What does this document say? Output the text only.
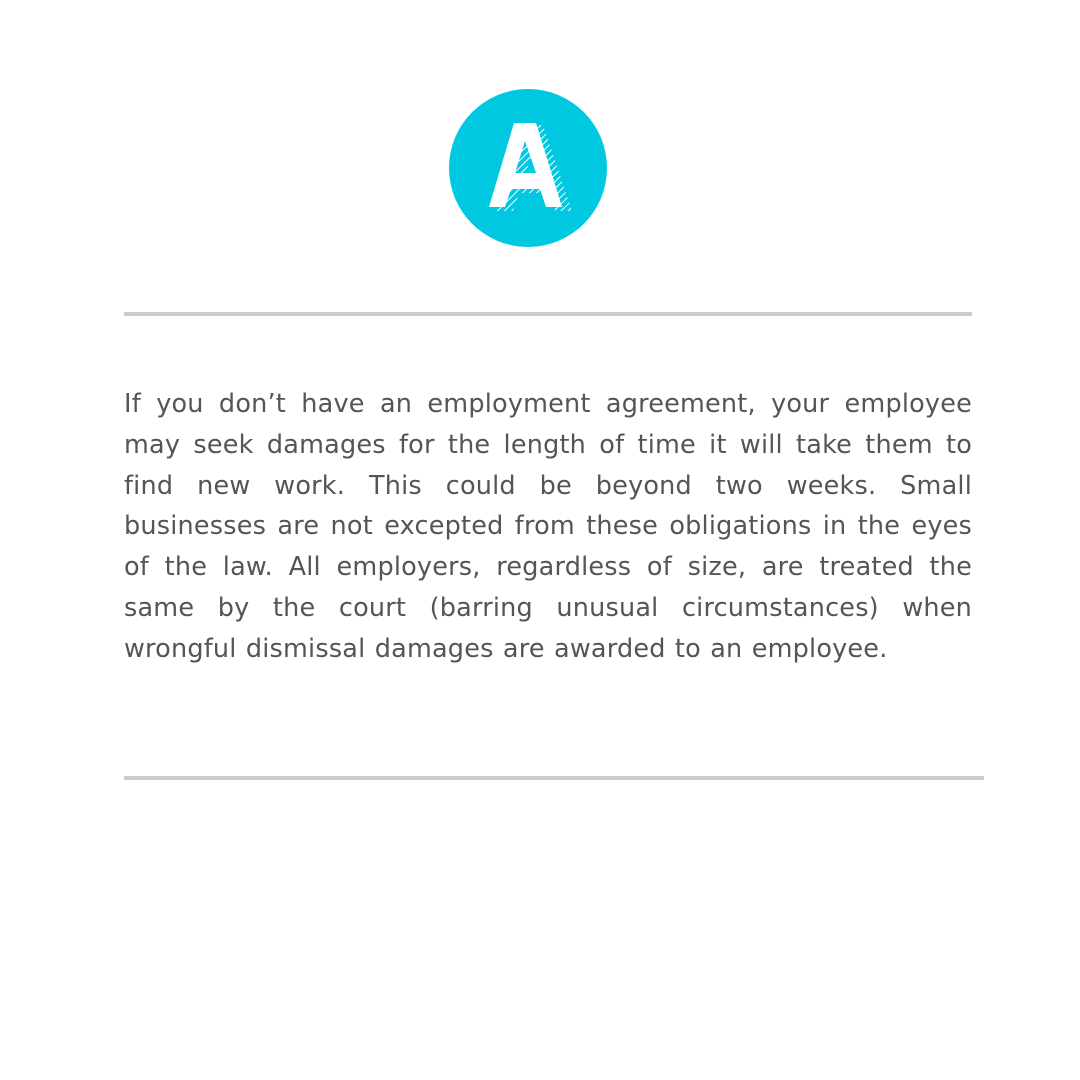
If you don’t have an employment agreement, your employee may seek damages for the length of time it will take them to find new work. This could be beyond two weeks. Small businesses are not excepted from these obligations in the eyes of the law. All employers, regardless of size, are treated the same by the court (barring unusual circumstances) when wrongful dismissal damages are awarded to an employee.
